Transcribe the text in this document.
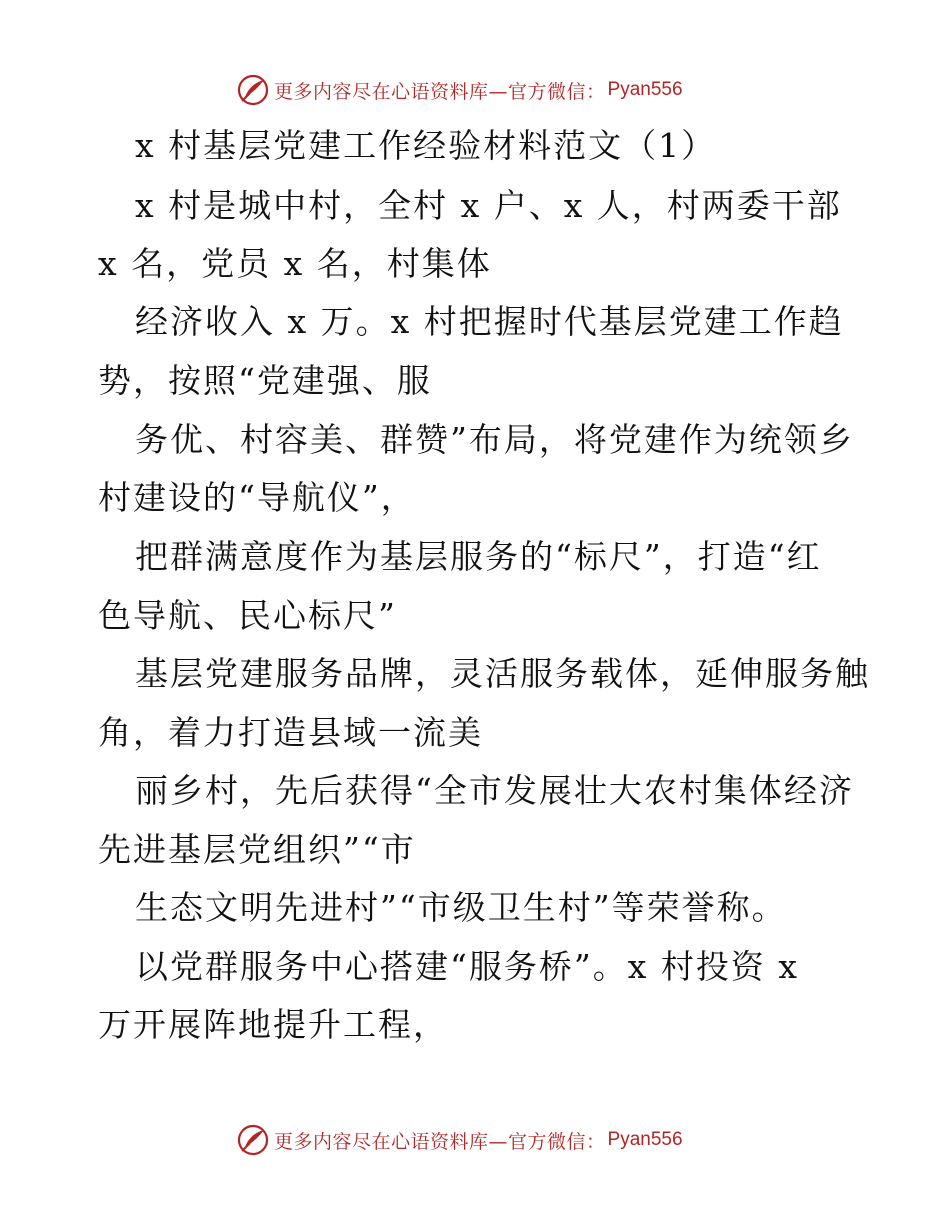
更多内容尽在心语资料库—官方微信： Pyan556
x 村基层党建工作经验材料范文（1）
x 村是城中村，全村 x 户、x 人，村两委干部
x 名，党员 x 名，村集体
经济收入 x 万。x 村把握时代基层党建工作趋
势，按照“党建强、服
务优、村容美、群赞”布局，将党建作为统领乡
村建设的“导航仪”，
把群满意度作为基层服务的“标尺”，打造“红
色导航、民心标尺”
基层党建服务品牌，灵活服务载体，延伸服务触
角，着力打造县域一流美
丽乡村，先后获得“全市发展壮大农村集体经济
先进基层党组织”“市
生态文明先进村”“市级卫生村”等荣誉称。
以党群服务中心搭建“服务桥”。x 村投资 x
万开展阵地提升工程，
更多内容尽在心语资料库—官方微信： Pyan556
